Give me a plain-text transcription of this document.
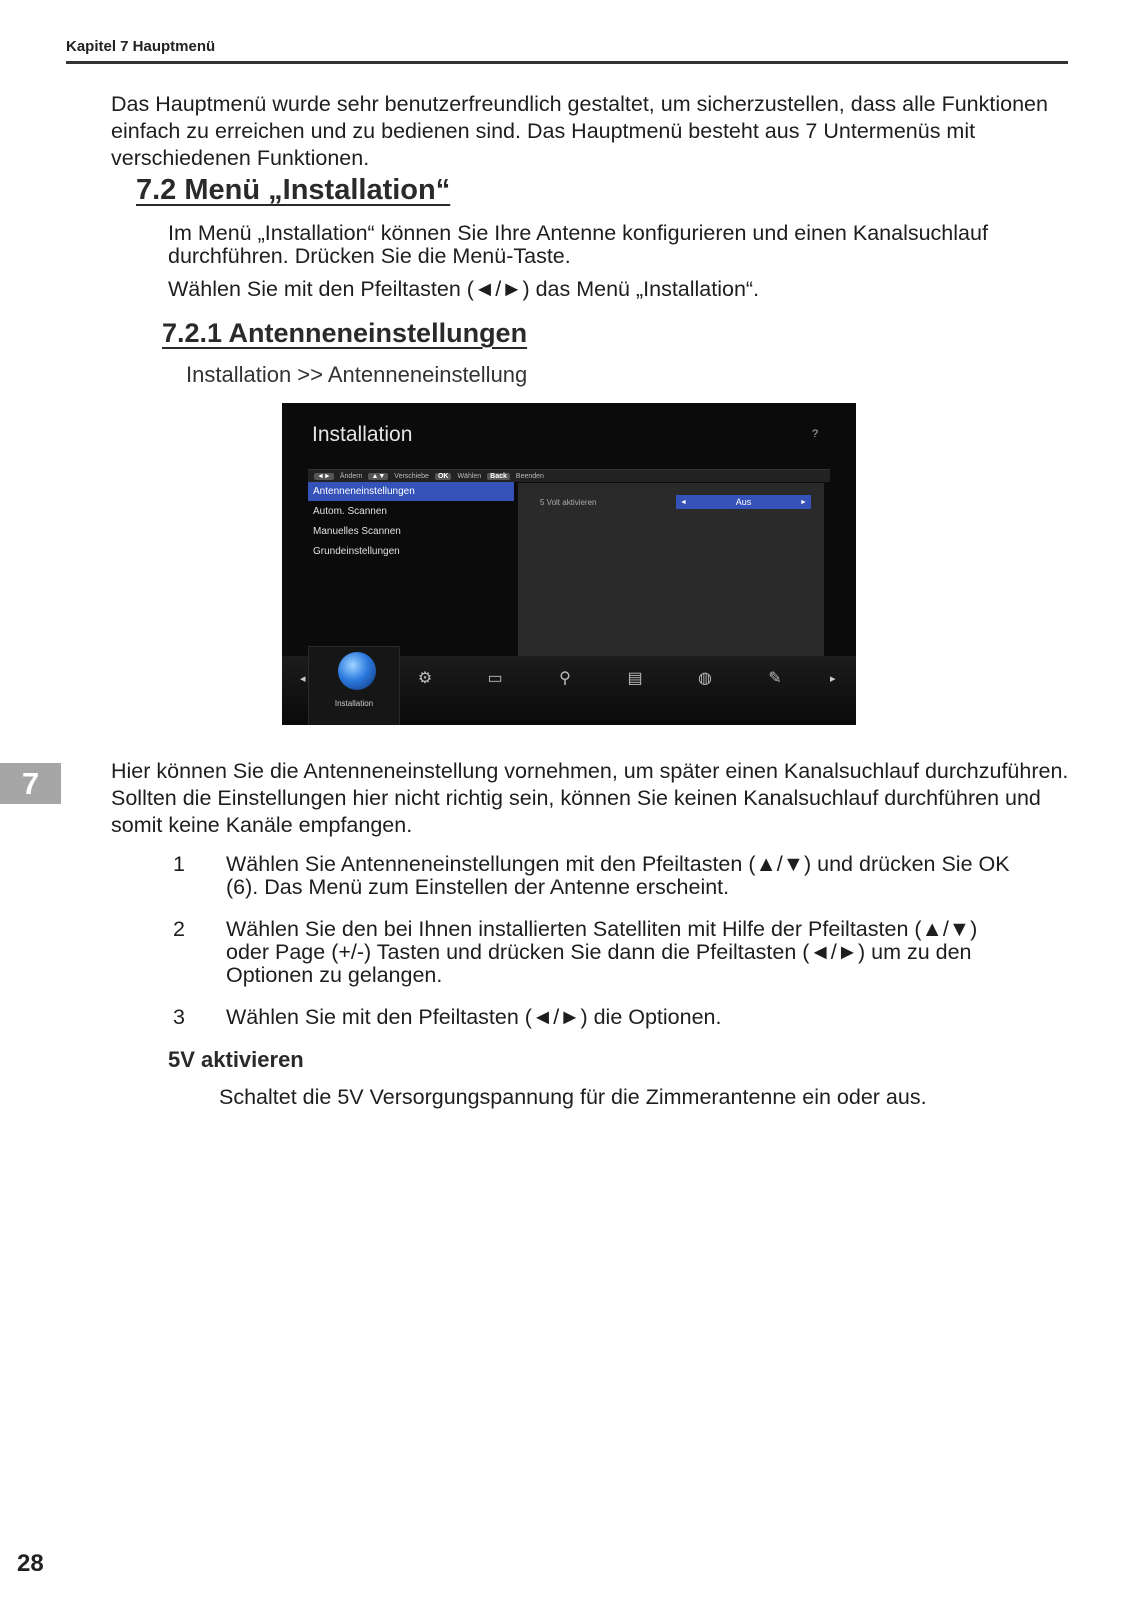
Kapitel 7 Hauptmenü
Das Hauptmenü wurde sehr benutzerfreundlich gestaltet, um sicherzustellen, dass alle Funktionen einfach zu erreichen und zu bedienen sind. Das Hauptmenü besteht aus 7 Untermenüs mit verschiedenen Funktionen.
7.2 Menü „Installation“
Im Menü „Installation“ können Sie Ihre Antenne konfigurieren und einen Kanalsuchlauf durchführen. Drücken Sie die Menü-Taste.
Wählen Sie mit den Pfeiltasten (◄/►) das Menü „Installation“.
7.2.1 Antenneneinstellungen
Installation >> Antenneneinstellung
Installation	?
◄►	Ändern	▲▼	Verschiebe	OK	Wählen	Back	Beenden
Antenneneinstellungen
Autom. Scannen
Manuelles Scannen
Grundeinstellungen
5 Volt aktivieren	◄	Aus	►
◂
Installation
⚙	▭	⚲	▤	◍	✎	▸
7	Hier können Sie die Antenneneinstellung vornehmen, um später einen Kanalsuchlauf durchzuführen. Sollten die Einstellungen hier nicht richtig sein, können Sie keinen Kanalsuchlauf durchführen und somit keine Kanäle empfangen.
1 Wählen Sie Antenneneinstellungen mit den Pfeiltasten (▲/▼) und drücken Sie OK (6). Das Menü zum Einstellen der Antenne erscheint.
2 Wählen Sie den bei Ihnen installierten Satelliten mit Hilfe der Pfeiltasten (▲/▼) oder Page (+/-) Tasten und drücken Sie dann die Pfeiltasten (◄/►) um zu den Optionen zu gelangen.
3 Wählen Sie mit den Pfeiltasten (◄/►) die Optionen.
5V aktivieren
Schaltet die 5V Versorgungspannung für die Zimmerantenne ein oder aus.
28
